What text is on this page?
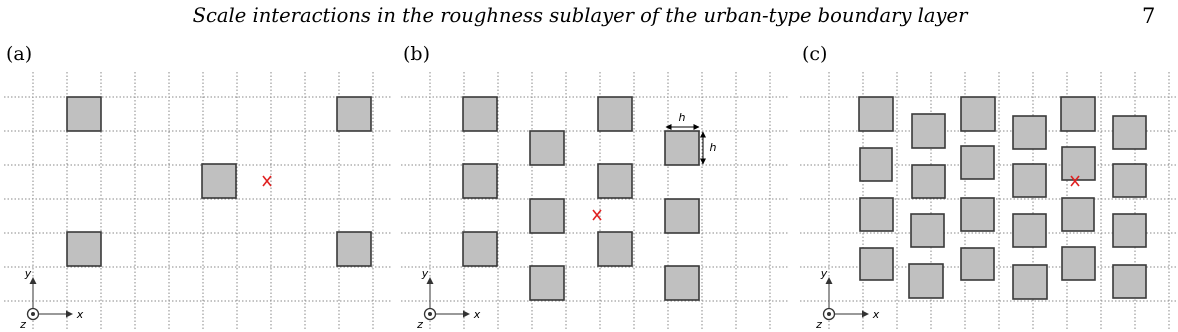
Scale interactions in the roughness sublayer of the urban-type boundary layer	7
(a)	(b)	(c)
y
x
z
h
h
y
x
z
y
x
z
